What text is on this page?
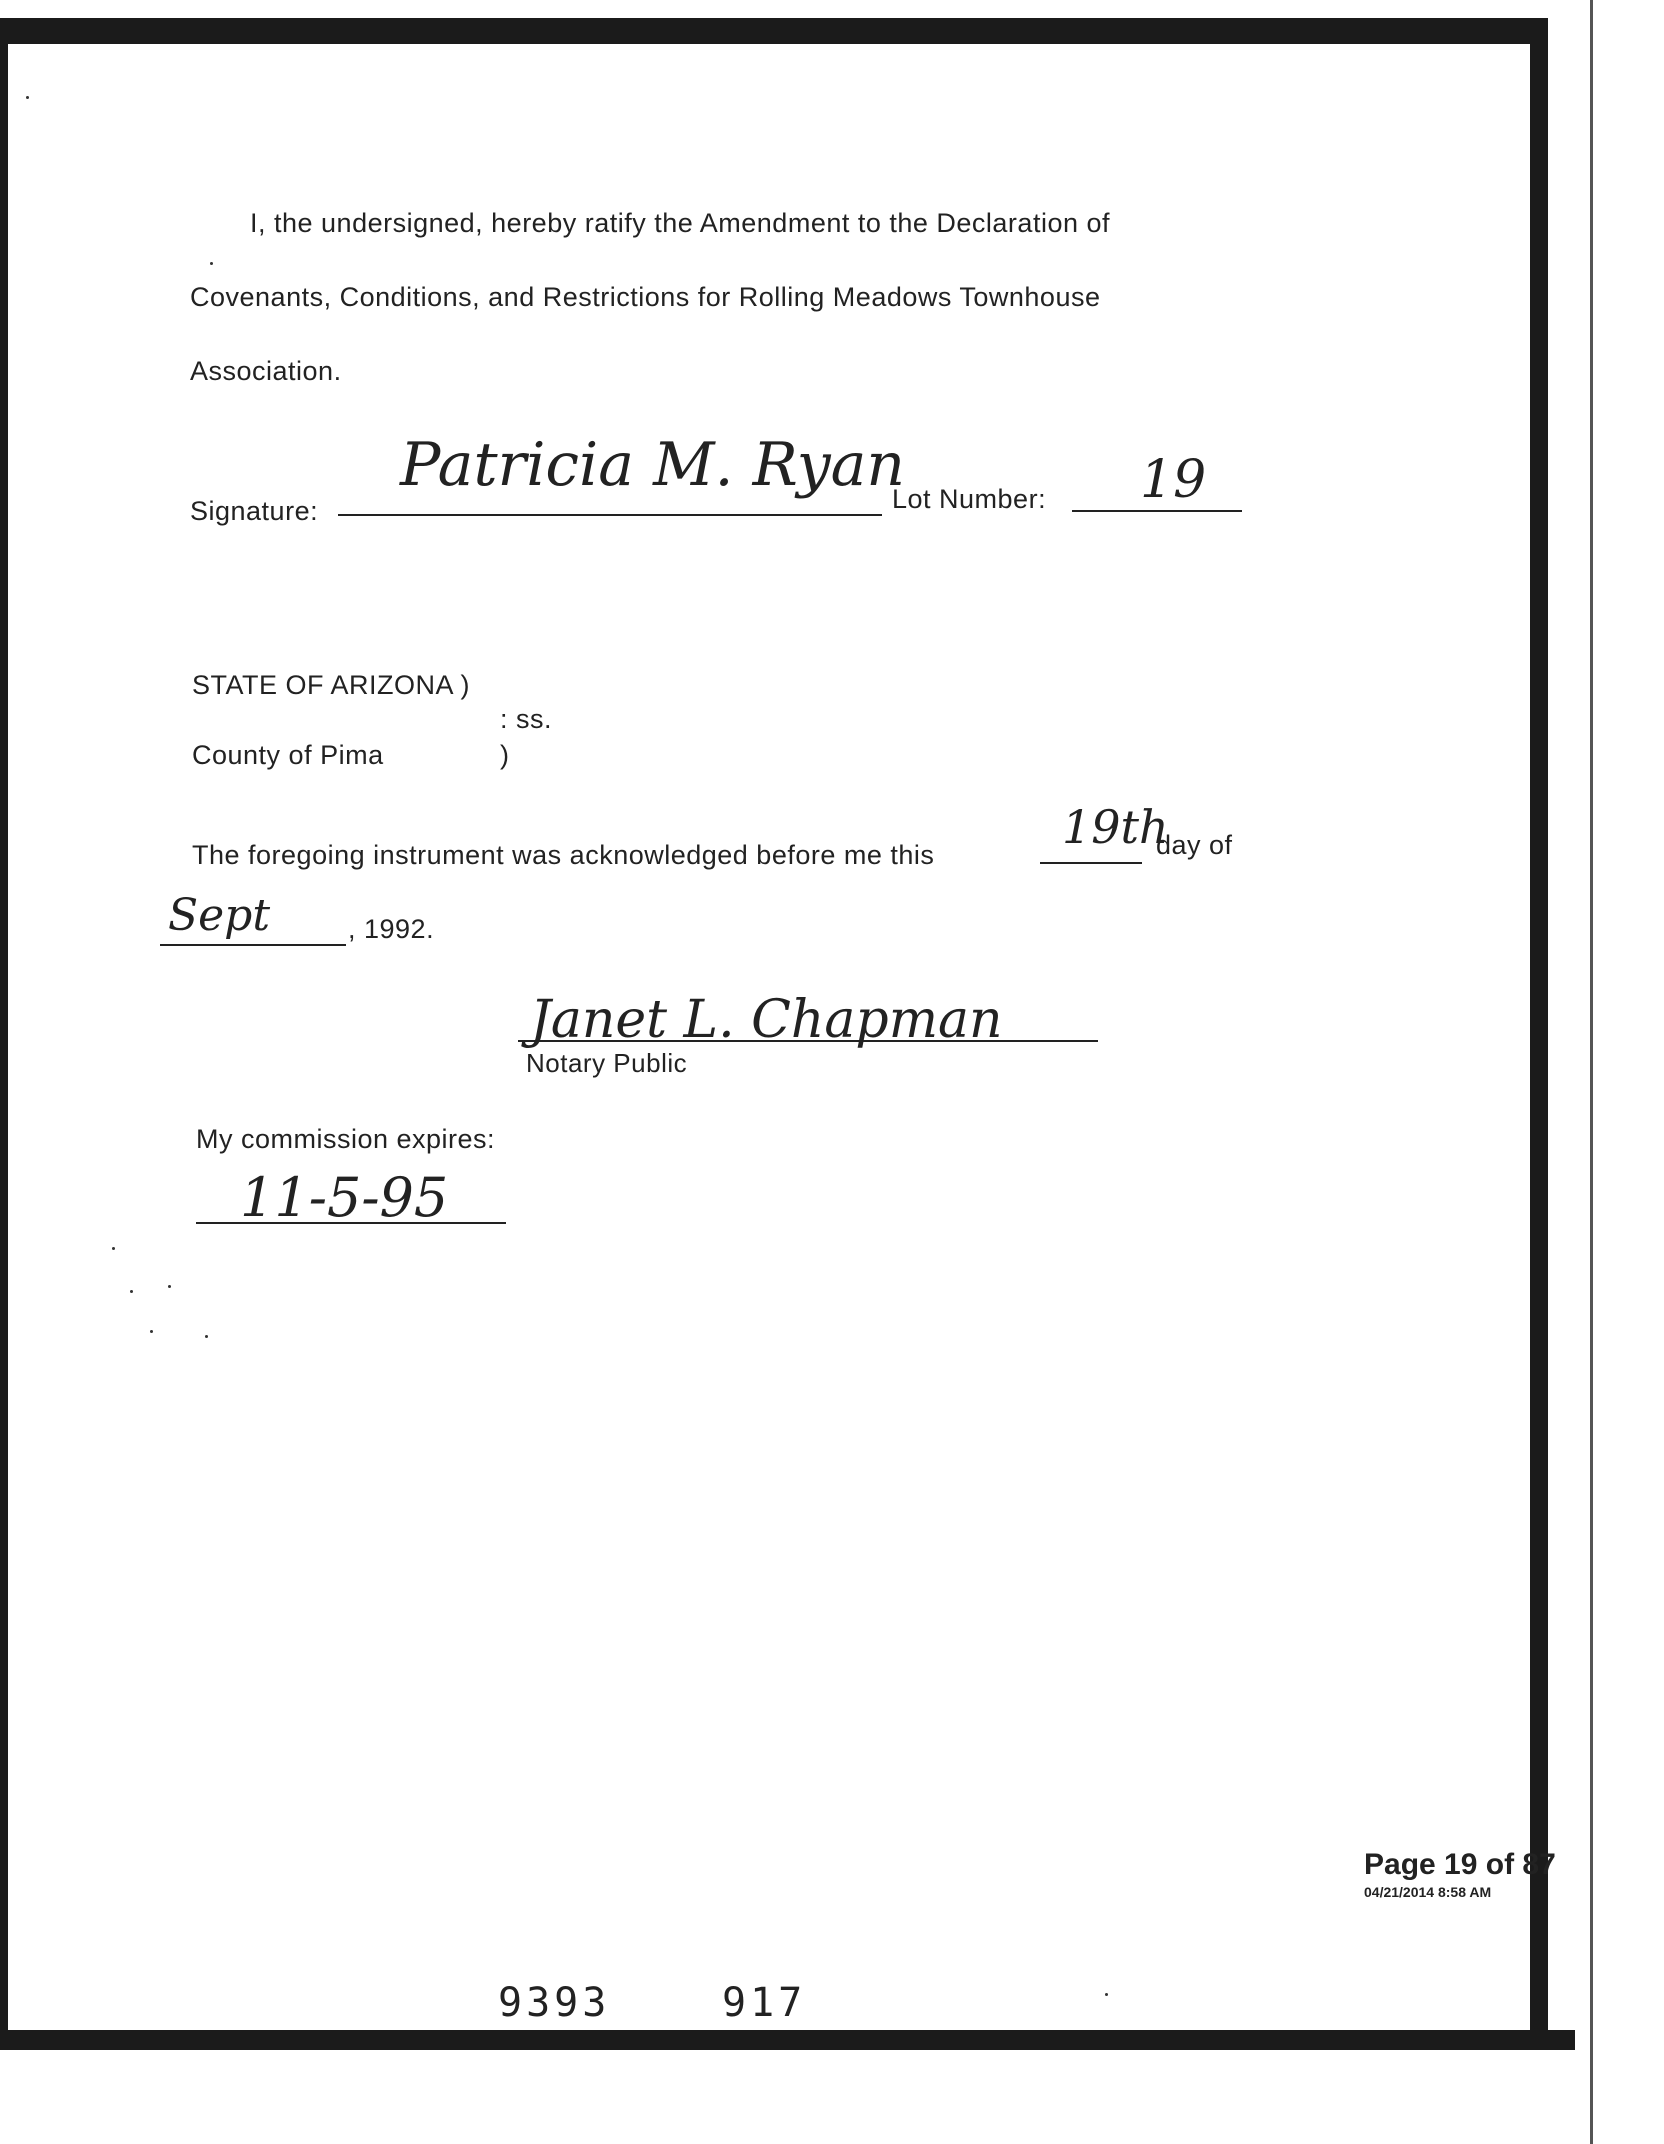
I, the undersigned, hereby ratify the Amendment to the Declaration of
Covenants, Conditions, and Restrictions for Rolling Meadows Townhouse
Association.
Signature:
Patricia M. Ryan
Lot Number: 19
STATE OF ARIZONA )
: ss.
County of Pima	)
The foregoing instrument was acknowledged before me this
19th
day of
Sept	, 1992.
Janet L. Chapman
Notary Public
My commission expires:
11-5-95
Page 19 of 87
04/21/2014 8:58 AM
9393	917
